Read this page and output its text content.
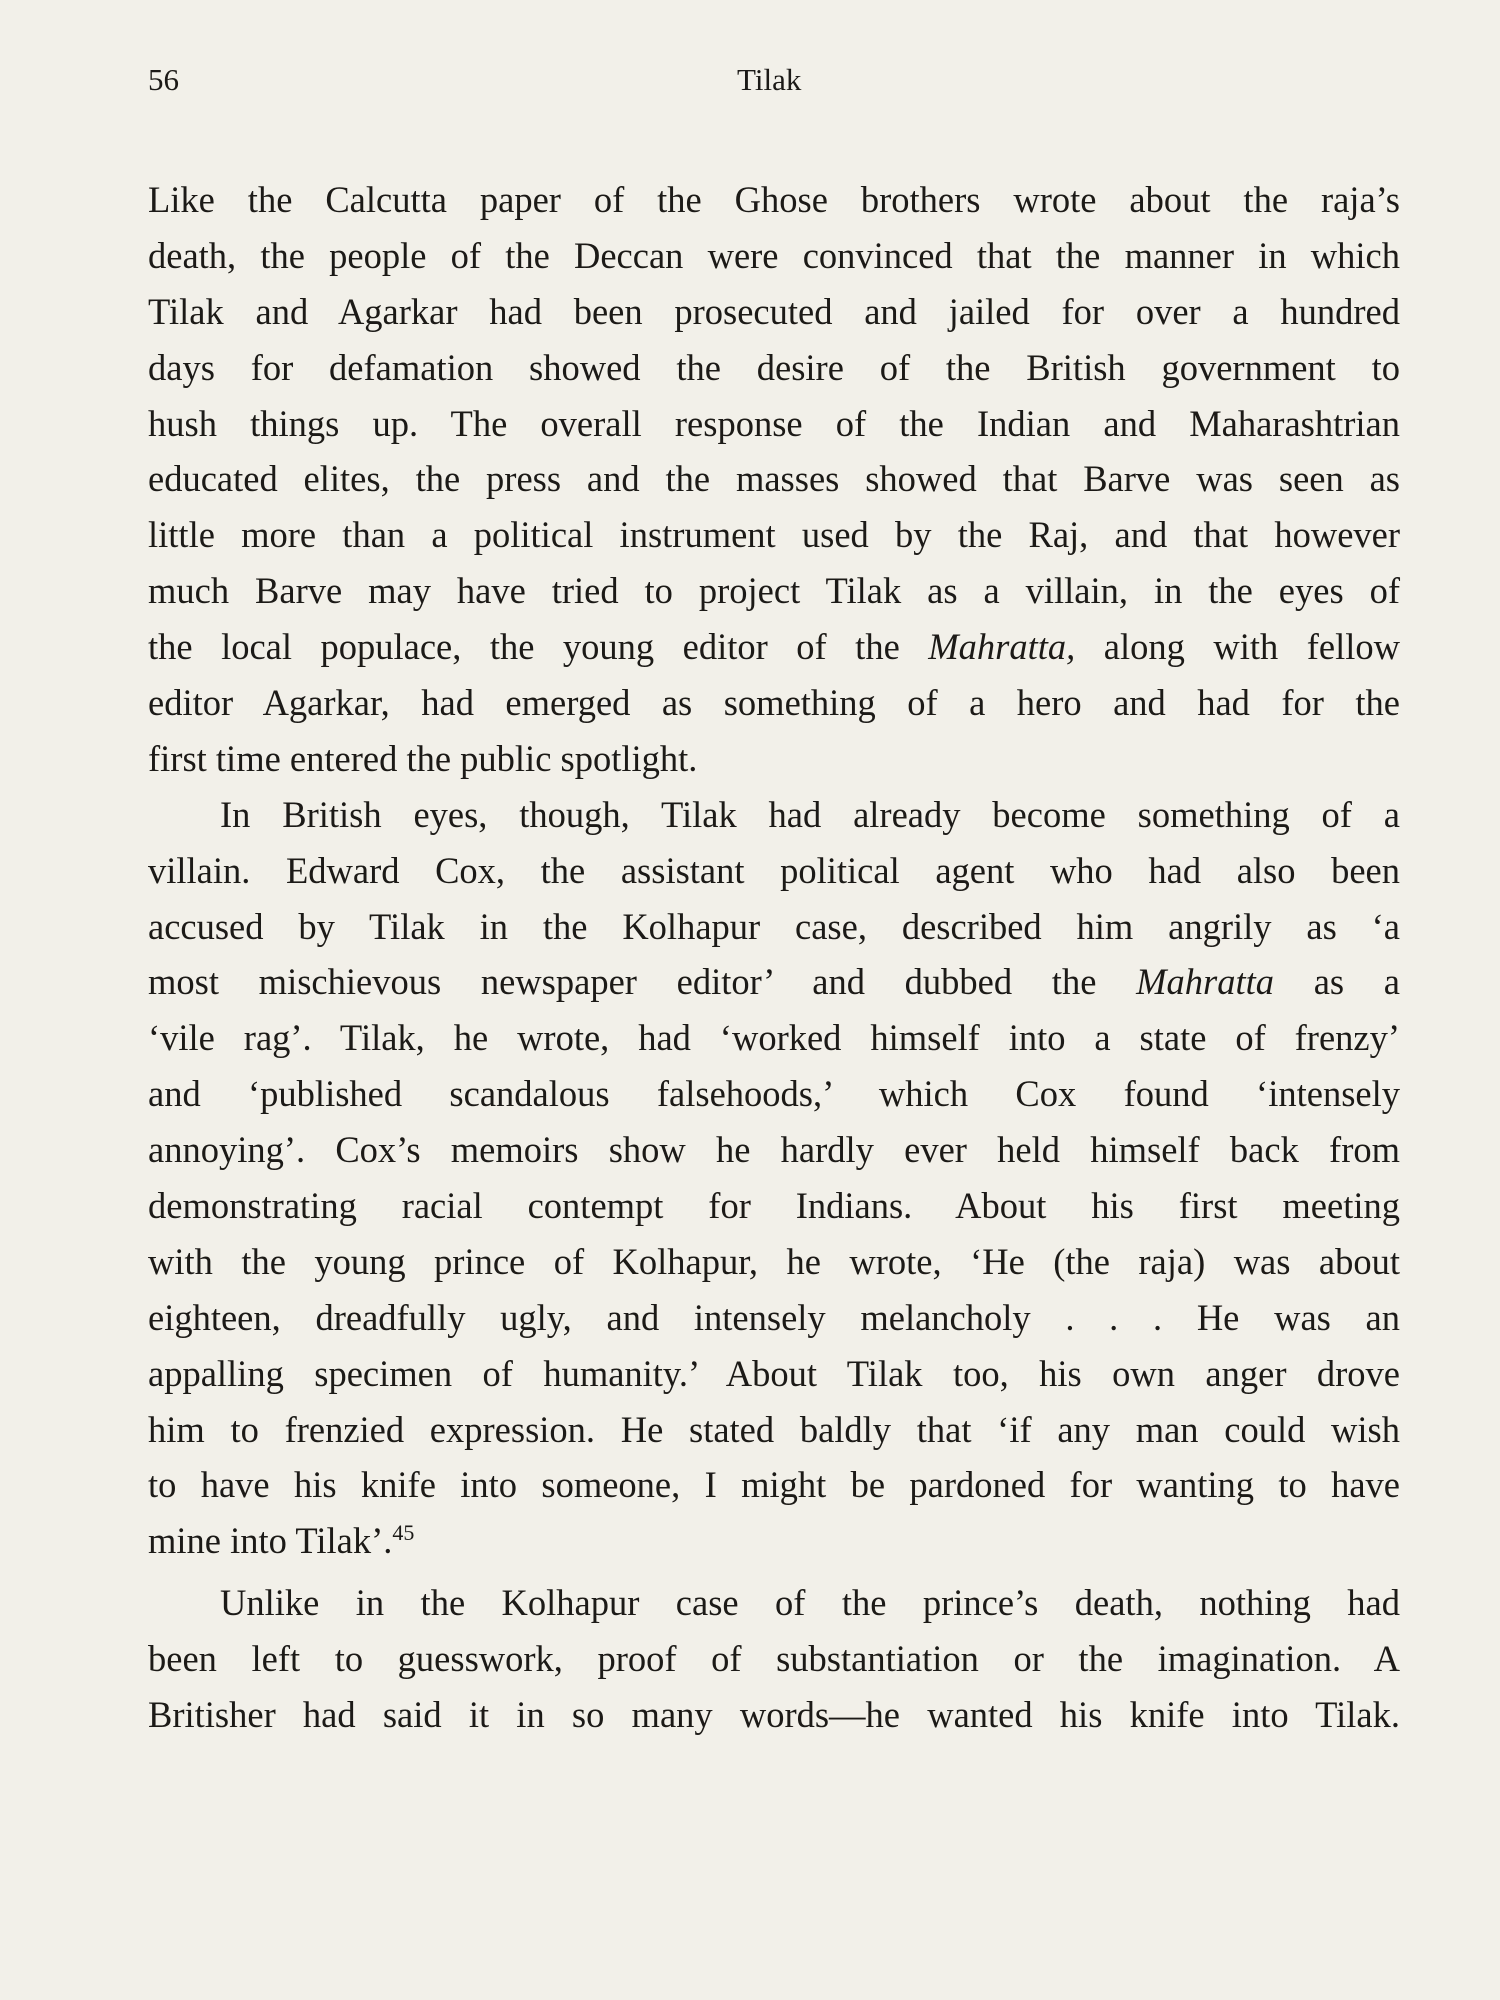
56	Tilak
Like the Calcutta paper of the Ghose brothers wrote about the raja’s
death, the people of the Deccan were convinced that the manner in which
Tilak and Agarkar had been prosecuted and jailed for over a hundred
days for defamation showed the desire of the British government to
hush things up. The overall response of the Indian and Maharashtrian
educated elites, the press and the masses showed that Barve was seen as
little more than a political instrument used by the Raj, and that however
much Barve may have tried to project Tilak as a villain, in the eyes of
the local populace, the young editor of the Mahratta, along with fellow
editor Agarkar, had emerged as something of a hero and had for the
first time entered the public spotlight.
In British eyes, though, Tilak had already become something of a
villain. Edward Cox, the assistant political agent who had also been
accused by Tilak in the Kolhapur case, described him angrily as ‘a
most mischievous newspaper editor’ and dubbed the Mahratta as a
‘vile rag’. Tilak, he wrote, had ‘worked himself into a state of frenzy’
and ‘published scandalous falsehoods,’ which Cox found ‘intensely
annoying’. Cox’s memoirs show he hardly ever held himself back from
demonstrating racial contempt for Indians. About his first meeting
with the young prince of Kolhapur, he wrote, ‘He (the raja) was about
eighteen, dreadfully ugly, and intensely melancholy . . . He was an
appalling specimen of humanity.’ About Tilak too, his own anger drove
him to frenzied expression. He stated baldly that ‘if any man could wish
to have his knife into someone, I might be pardoned for wanting to have
mine into Tilak’.$^{45}$
Unlike in the Kolhapur case of the prince’s death, nothing had
been left to guesswork, proof of substantiation or the imagination. A
Britisher had said it in so many words—he wanted his knife into Tilak.
